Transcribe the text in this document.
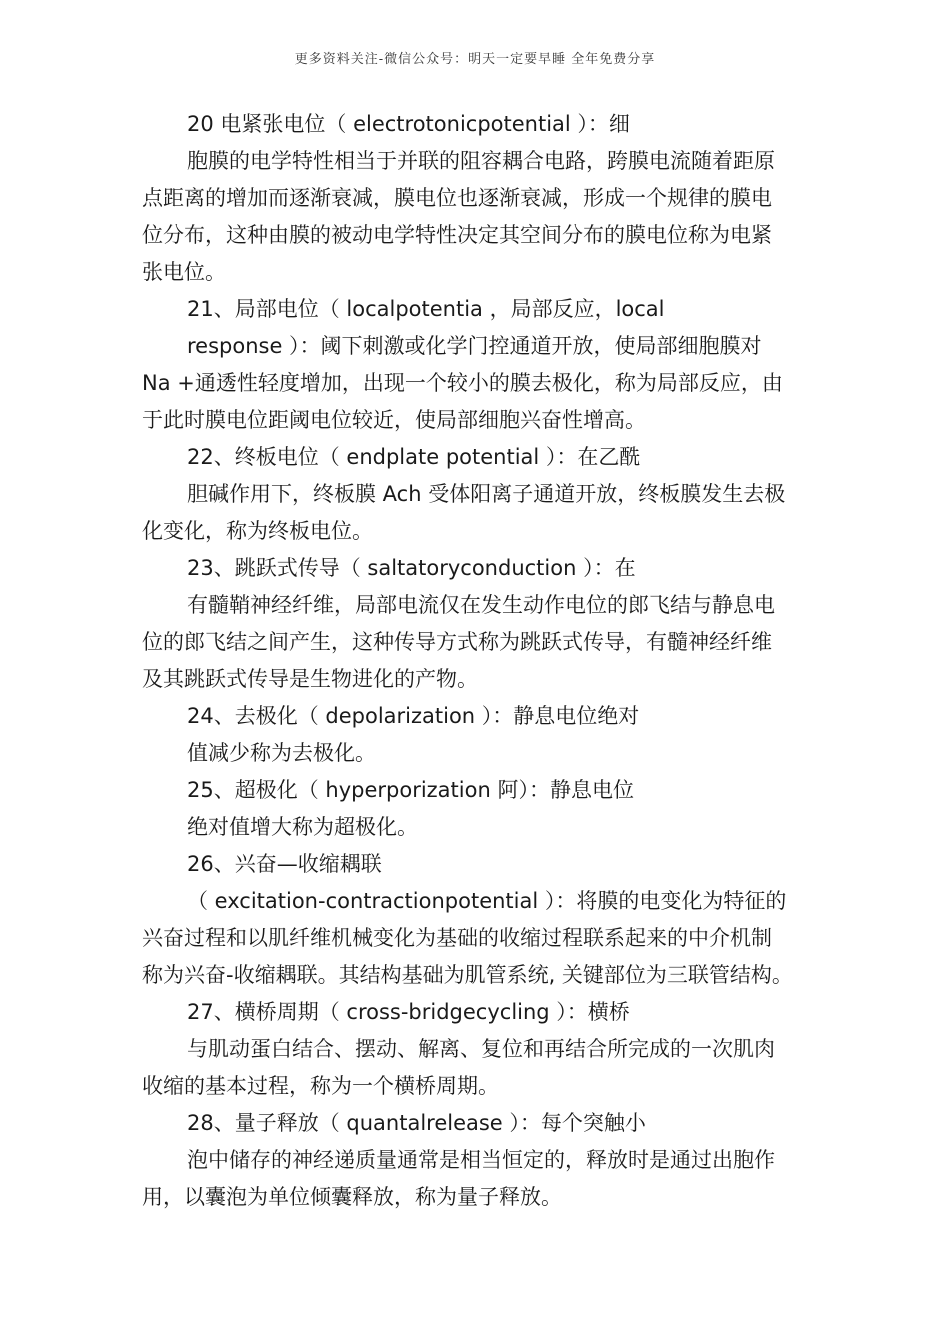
更多资料关注-微信公众号：明天一定要早睡 全年免费分享
20 电紧张电位（ electrotonicpotential ）：细
胞膜的电学特性相当于并联的阻容耦合电路，跨膜电流随着距原
点距离的增加而逐渐衰减，膜电位也逐渐衰减，形成一个规律的膜电
位分布，这种由膜的被动电学特性决定其空间分布的膜电位称为电紧
张电位。
21、局部电位（ localpotentia ，局部反应，local
response ）：阈下刺激或化学门控通道开放，使局部细胞膜对
Na +通透性轻度增加，出现一个较小的膜去极化，称为局部反应，由
于此时膜电位距阈电位较近，使局部细胞兴奋性增高。
22、终板电位（ endplate potential ）：在乙酰
胆碱作用下，终板膜 Ach 受体阳离子通道开放，终板膜发生去极
化变化，称为终板电位。
23、跳跃式传导（ saltatoryconduction ）：在
有髓鞘神经纤维，局部电流仅在发生动作电位的郎飞结与静息电
位的郎飞结之间产生，这种传导方式称为跳跃式传导，有髓神经纤维
及其跳跃式传导是生物进化的产物。
24、去极化（ depolarization ）：静息电位绝对
值减少称为去极化。
25、超极化（ hyperporization 阿）：静息电位
绝对值增大称为超极化。
26、兴奋—收缩耦联
（ excitation-contractionpotential ）：将膜的电变化为特征的
兴奋过程和以肌纤维机械变化为基础的收缩过程联系起来的中介机制
称为兴奋-收缩耦联。其结构基础为肌管系统, 关键部位为三联管结构。
27、横桥周期（ cross-bridgecycling ）：横桥
与肌动蛋白结合、摆动、解离、复位和再结合所完成的一次肌肉
收缩的基本过程，称为一个横桥周期。
28、量子释放（ quantalrelease ）：每个突触小
泡中储存的神经递质量通常是相当恒定的，释放时是通过出胞作
用，以囊泡为单位倾囊释放，称为量子释放。
